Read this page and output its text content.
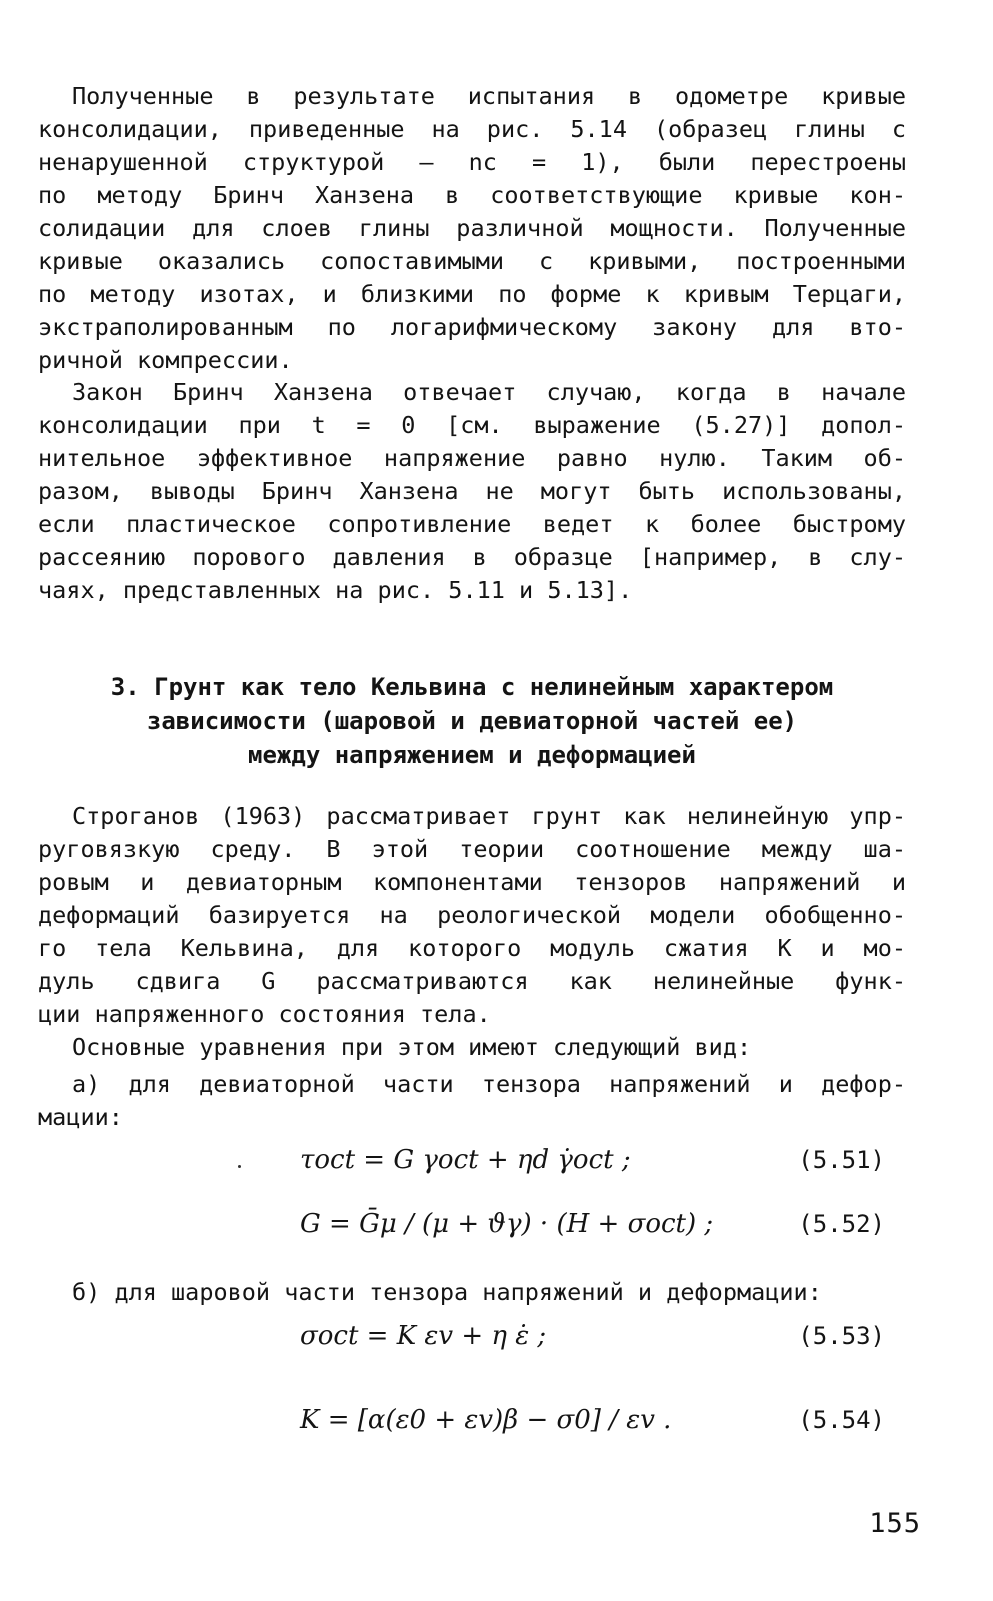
Полученные в результате испытания в одометре кривые
консолидации, приведенные на рис. 5.14 (образец глины с
ненарушенной структурой – nc = 1), были перестроены
по методу Бринч Ханзена в соответствующие кривые кон-
солидации для слоев глины различной мощности. Полученные
кривые оказались сопоставимыми с кривыми, построенными
по методу изотах, и близкими по форме к кривым Терцаги,
экстраполированным по логарифмическому закону для вто-
ричной компрессии.
Закон Бринч Ханзена отвечает случаю, когда в начале
консолидации при t = 0 [см. выражение (5.27)] допол-
нительное эффективное напряжение равно нулю. Таким об-
разом, выводы Бринч Ханзена не могут быть использованы,
если пластическое сопротивление ведет к более быстрому
рассеянию порового давления в образце [например, в слу-
чаях, представленных на рис. 5.11 и 5.13].
3. Грунт как тело Кельвина с нелинейным характером
зависимости (шаровой и девиаторной частей ее)
между напряжением и деформацией
Строганов (1963) рассматривает грунт как нелинейную упр-
руговязкую среду. В этой теории соотношение между ша-
ровым и девиаторным компонентами тензоров напряжений и
деформаций базируется на реологической модели обобщенно-
го тела Кельвина, для которого модуль сжатия K и мо-
дуль сдвига G рассматриваются как нелинейные функ-
ции напряженного состояния тела.
Основные уравнения при этом имеют следующий вид:
а) для девиаторной части тензора напряжений и дефор-
мации:
τoct = G γoct + ηd γ̇oct ;	(5.51)
G = Ḡμ / (μ + ϑγ) · (H + σoct) ;	(5.52)
б) для шаровой части тензора напряжений и деформации:
σoct = K εv + η ε̇ ;	(5.53)
K = [α(ε0 + εv)β − σ0] / εv .	(5.54)
155
